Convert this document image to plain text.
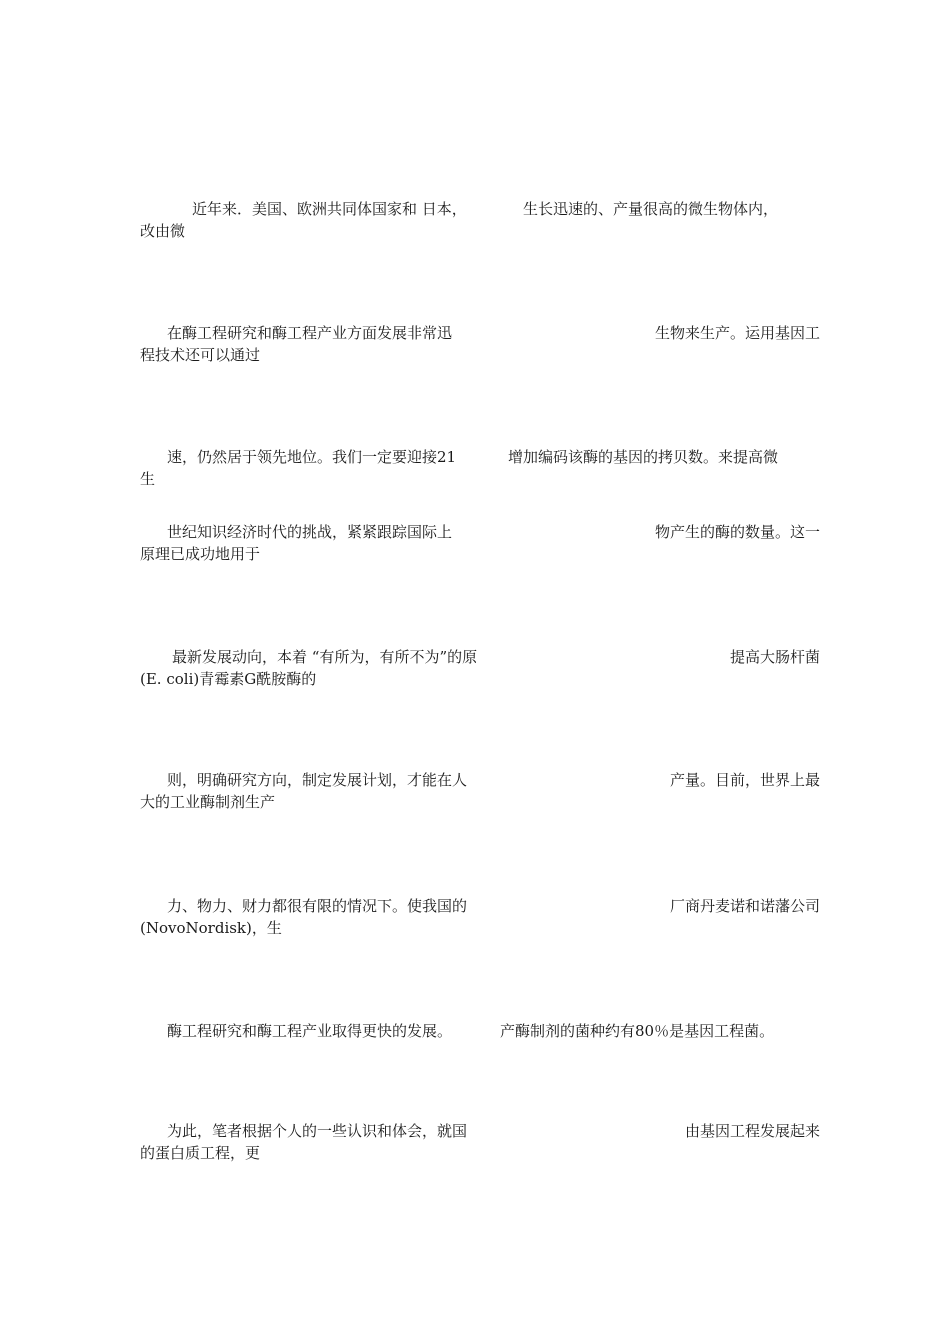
近年来．美国、欧洲共同体国家和 日本，	生长迅速的、产量很高的微生物体内，
改由微
在酶工程研究和酶工程产业方面发展非常迅	生物来生产。运用基因工
程技术还可以通过
速，仍然居于领先地位。我们一定要迎接21	增加编码该酶的基因的拷贝数。来提高微
生
世纪知识经济时代的挑战，紧紧跟踪国际上	物产生的酶的数量。这一
原理已成功地用于
最新发展动向，本着 “有所为，有所不为”的原	提高大肠杆菌
(E. coli)青霉素G酰胺酶的
则，明确研究方向，制定发展计划，才能在人	产量。目前，世界上最
大的工业酶制剂生产
力、物力、财力都很有限的情况下。使我国的	厂商丹麦诺和诺藩公司
(NovoNordisk)，生
酶工程研究和酶工程产业取得更快的发展。	产酶制剂的菌种约有80％是基因工程菌。
为此，笔者根据个人的一些认识和体会，就国	由基因工程发展起来
的蛋白质工程，更
